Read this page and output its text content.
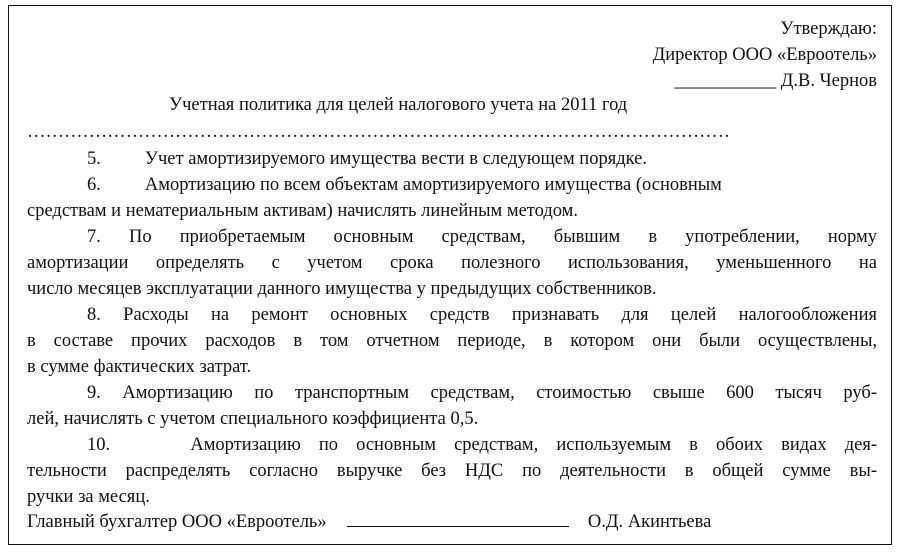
Утверждаю:
Директор ООО «Евроотель»
___________ Д.В. Чернов
Учетная политика для целей налогового учета на 2011 год
……………………………………………………………………………………………………
5. Учет амортизируемого имущества вести в следующем порядке.
6. Амортизацию по всем объектам амортизируемого имущества (основным
средствам и нематериальным активам) начислять линейным методом.
7. По приобретаемым основным средствам, бывшим в употреблении, норму
амортизации определять с учетом срока полезного использования, уменьшенного на
число месяцев эксплуатации данного имущества у предыдущих собственников.
8. Расходы на ремонт основных средств признавать для целей налогообложения
в составе прочих расходов в том отчетном периоде, в котором они были осуществлены,
в сумме фактических затрат.
9. Амортизацию по транспортным средствам, стоимостью свыше 600 тысяч руб-
лей, начислять с учетом специального коэффициента 0,5.
10.	Амортизацию по основным средствам, используемым в обоих видах дея-
тельности распределять согласно выручке без НДС по деятельности в общей сумме вы-
ручки за месяц.
Главный бухгалтер ООО «Евроотель»	О.Д. Акинтьева
